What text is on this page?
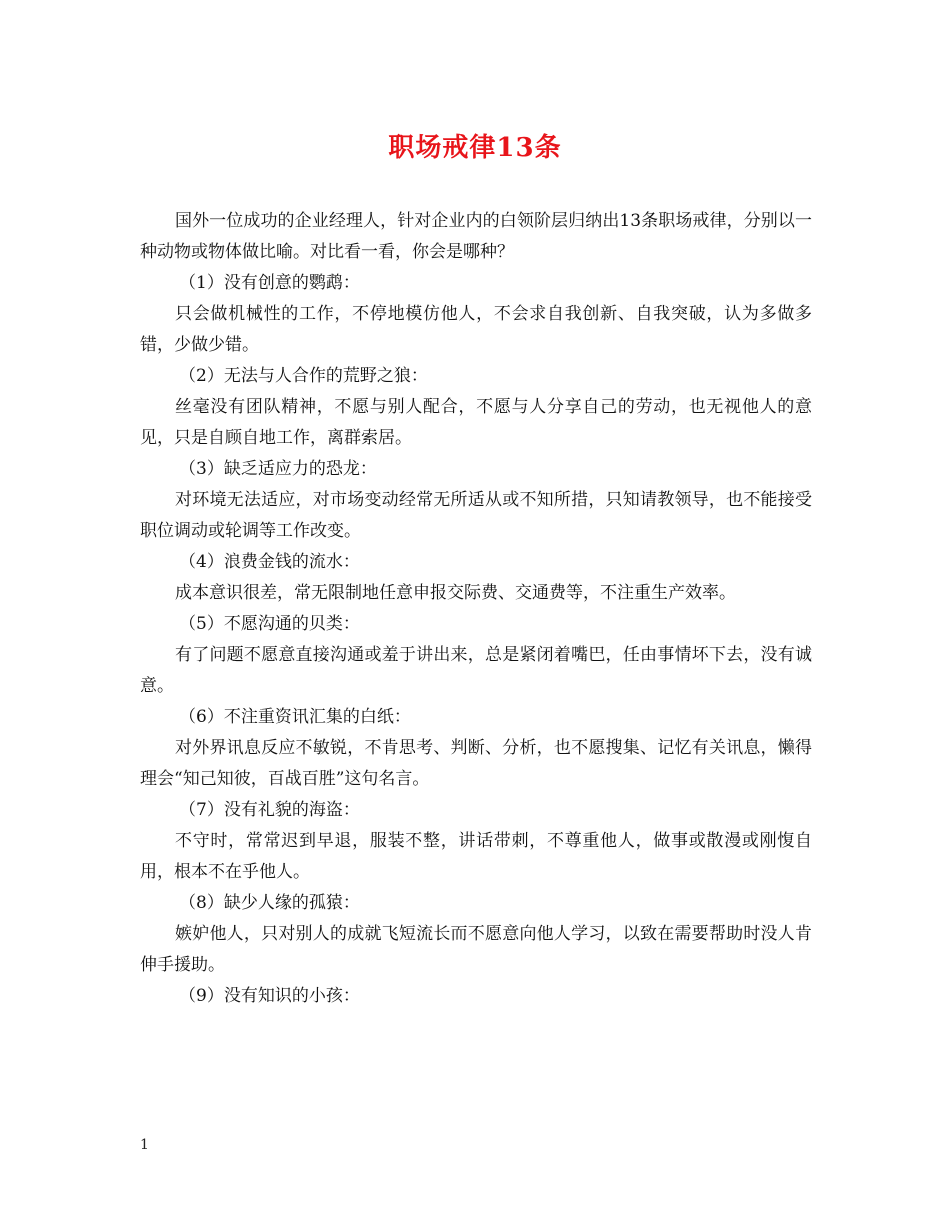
职场戒律13条

国外一位成功的企业经理人，针对企业内的白领阶层归纳出13条职场戒律，分别以一种动物或物体做比喻。对比看一看，你会是哪种？

（1）没有创意的鹦鹉：

只会做机械性的工作，不停地模仿他人，不会求自我创新、自我突破，认为多做多错，少做少错。

（2）无法与人合作的荒野之狼：

丝毫没有团队精神，不愿与别人配合，不愿与人分享自己的劳动，也无视他人的意见，只是自顾自地工作，离群索居。

（3）缺乏适应力的恐龙：

对环境无法适应，对市场变动经常无所适从或不知所措，只知请教领导，也不能接受职位调动或轮调等工作改变。

（4）浪费金钱的流水：

成本意识很差，常无限制地任意申报交际费、交通费等，不注重生产效率。

（5）不愿沟通的贝类：

有了问题不愿意直接沟通或羞于讲出来，总是紧闭着嘴巴，任由事情坏下去，没有诚意。

（6）不注重资讯汇集的白纸：

对外界讯息反应不敏锐，不肯思考、判断、分析，也不愿搜集、记忆有关讯息，懒得理会“知己知彼，百战百胜”这句名言。

（7）没有礼貌的海盗：

不守时，常常迟到早退，服装不整，讲话带刺，不尊重他人，做事或散漫或刚愎自用，根本不在乎他人。

（8）缺少人缘的孤猿：

嫉妒他人，只对别人的成就飞短流长而不愿意向他人学习，以致在需要帮助时没人肯伸手援助。

（9）没有知识的小孩：

1
